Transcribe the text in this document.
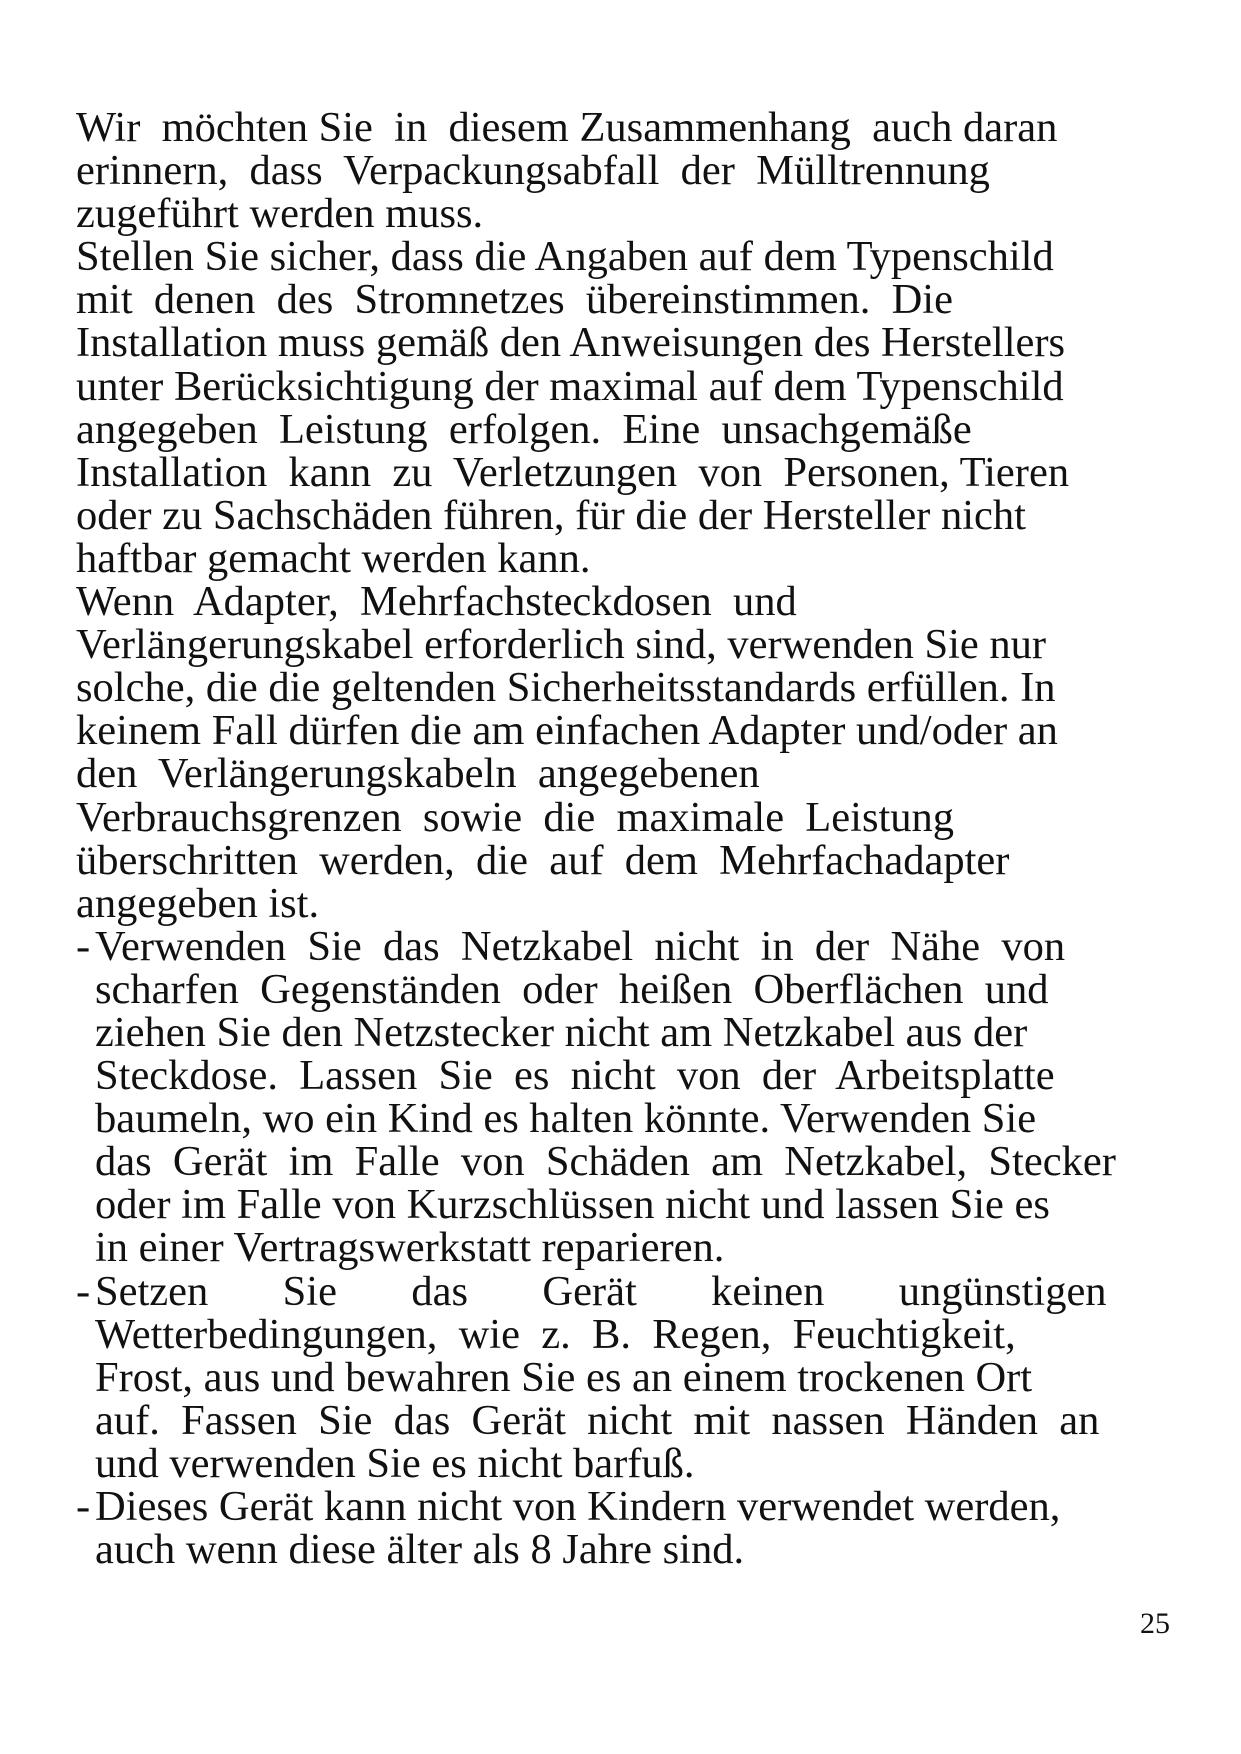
Wir  möchten Sie  in  diesem Zusammenhang  auch daran
erinnern,  dass  Verpackungsabfall  der  Mülltrennung
zugeführt werden muss.
Stellen Sie sicher, dass die Angaben auf dem Typenschild
mit  denen  des  Stromnetzes  übereinstimmen.  Die
Installation muss gemäß den Anweisungen des Herstellers
unter Berücksichtigung der maximal auf dem Typenschild
angegeben  Leistung  erfolgen.  Eine  unsachgemäße
Installation  kann  zu  Verletzungen  von  Personen, Tieren
oder zu Sachschäden führen, für die der Hersteller nicht
haftbar gemacht werden kann.
Wenn  Adapter,  Mehrfachsteckdosen  und
Verlängerungskabel erforderlich sind, verwenden Sie nur
solche, die die geltenden Sicherheitsstandards erfüllen. In
keinem Fall dürfen die am einfachen Adapter und/oder an
den  Verlängerungskabeln  angegebenen
Verbrauchsgrenzen  sowie  die  maximale  Leistung
überschritten  werden,  die  auf  dem  Mehrfachadapter
angegeben ist.
- Verwenden  Sie  das  Netzkabel  nicht  in  der  Nähe  von
scharfen  Gegenständen  oder  heißen  Oberflächen  und
ziehen Sie den Netzstecker nicht am Netzkabel aus der
Steckdose.  Lassen  Sie  es  nicht  von  der  Arbeitsplatte
baumeln, wo ein Kind es halten könnte. Verwenden Sie
das  Gerät  im  Falle  von  Schäden  am  Netzkabel,  Stecker
oder im Falle von Kurzschlüssen nicht und lassen Sie es
in einer Vertragswerkstatt reparieren.
- Setzen       Sie       das       Gerät       keinen       ungünstigen
Wetterbedingungen,  wie  z.  B.  Regen,  Feuchtigkeit,
Frost, aus und bewahren Sie es an einem trockenen Ort
auf.  Fassen  Sie  das  Gerät  nicht  mit  nassen  Händen  an
und verwenden Sie es nicht barfuß.
- Dieses Gerät kann nicht von Kindern verwendet werden,
auch wenn diese älter als 8 Jahre sind.
25
